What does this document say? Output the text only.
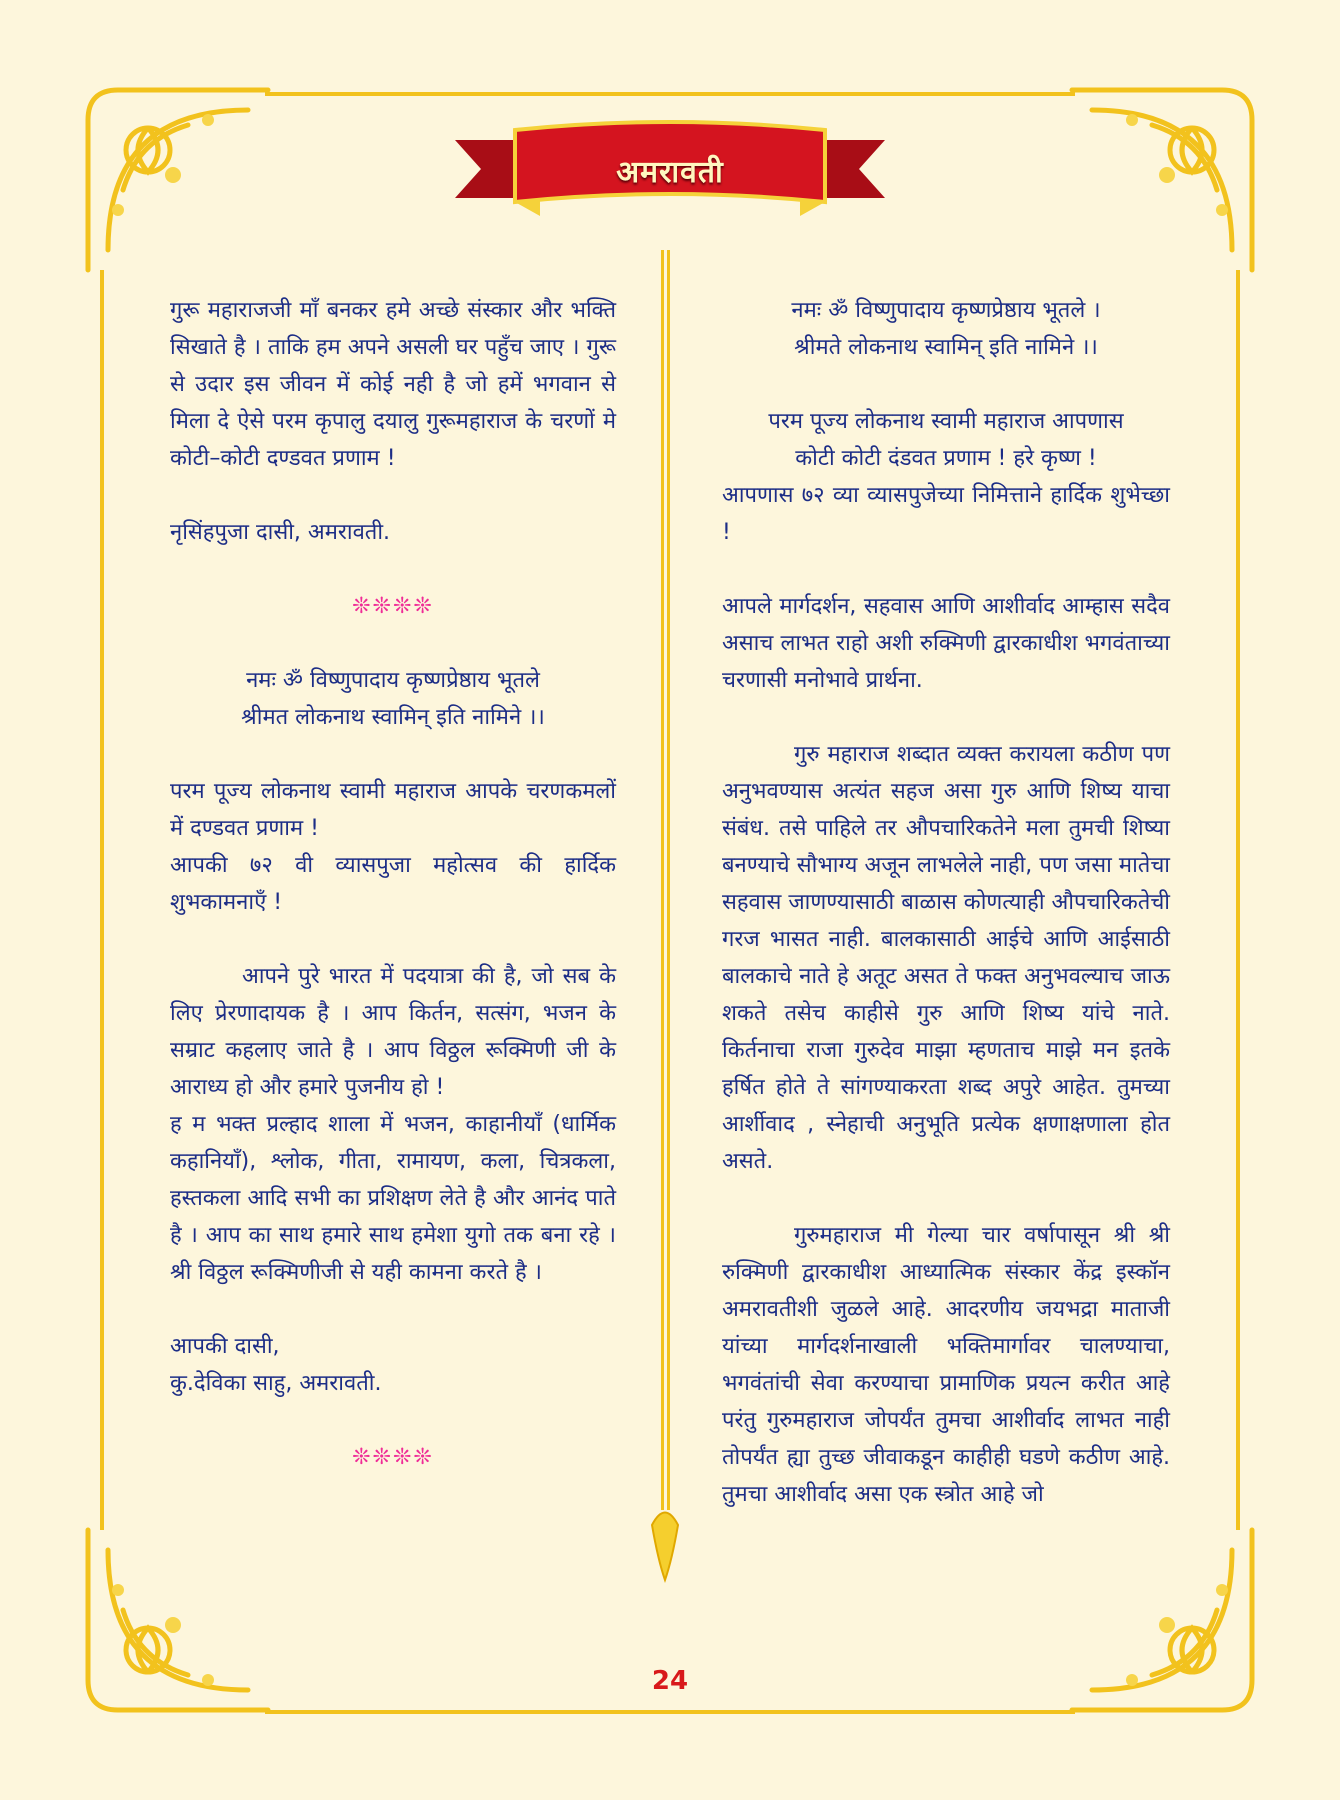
अमरावती

गुरू महाराजजी माँ बनकर हमे अच्छे संस्कार और भक्ति सिखाते है । ताकि हम अपने असली घर पहुँच जाए । गुरू से उदार इस जीवन में कोई नही है जो हमें भगवान से मिला दे ऐसे परम कृपालु दयालु गुरूमहाराज के चरणों मे कोटी–कोटी दण्डवत प्रणाम !

नृसिंहपुजा दासी, अमरावती.

❊❊❊❊

नमः ॐ विष्णुपादाय कृष्णप्रेष्ठाय भूतले

श्रीमत लोकनाथ स्वामिन् इति नामिने ।।

परम पूज्य लोकनाथ स्वामी महाराज आपके चरणकमलों में दण्डवत प्रणाम !

आपकी ७२ वी व्यासपुजा महोत्सव की हार्दिक शुभकामनाएँ !

आपने पुरे भारत में पदयात्रा की है, जो सब के लिए प्रेरणादायक है । आप किर्तन, सत्संग, भजन के सम्राट कहलाए जाते है । आप विठ्ठल रूक्मिणी जी के आराध्य हो और हमारे पुजनीय हो !

ह म भक्त प्रल्हाद शाला में भजन, काहानीयाँ (धार्मिक कहानियाँ), श्लोक, गीता, रामायण, कला, चित्रकला, हस्तकला आदि सभी का प्रशिक्षण लेते है और आनंद पाते है । आप का साथ हमारे साथ हमेशा युगो तक बना रहे । श्री विठ्ठल रूक्मिणीजी से यही कामना करते है ।

आपकी दासी,

कु.देविका साहु, अमरावती.

❊❊❊❊

नमः ॐ विष्णुपादाय कृष्णप्रेष्ठाय भूतले ।

श्रीमते लोकनाथ स्वामिन् इति नामिने ।।

परम पूज्य लोकनाथ स्वामी महाराज आपणास

कोटी कोटी दंडवत प्रणाम ! हरे कृष्ण !

आपणास ७२ व्या व्यासपुजेच्या निमित्ताने हार्दिक शुभेच्छा !

आपले मार्गदर्शन, सहवास आणि आशीर्वाद आम्हास सदैव असाच लाभत राहो अशी रुक्मिणी द्वारकाधीश भगवंताच्या चरणासी मनोभावे प्रार्थना.

गुरु महाराज शब्दात व्यक्त करायला कठीण पण अनुभवण्यास अत्यंत सहज असा गुरु आणि शिष्य याचा संबंध. तसे पाहिले तर औपचारिकतेने मला तुमची शिष्या बनण्याचे सौभाग्य अजून लाभलेले नाही, पण जसा मातेचा सहवास जाणण्यासाठी बाळास कोणत्याही औपचारिकतेची गरज भासत नाही. बालकासाठी आईचे आणि आईसाठी बालकाचे नाते हे अतूट असत ते फक्त अनुभवल्याच जाऊ शकते तसेच काहीसे गुरु आणि शिष्य यांचे नाते. किर्तनाचा राजा गुरुदेव माझा म्हणताच माझे मन इतके हर्षित होते ते सांगण्याकरता शब्द अपुरे आहेत. तुमच्या आर्शीवाद , स्नेहाची अनुभूति प्रत्येक क्षणाक्षणाला होत असते.

गुरुमहाराज मी गेल्या चार वर्षापासून श्री श्री रुक्मिणी द्वारकाधीश आध्यात्मिक संस्कार केंद्र इस्कॉन अमरावतीशी जुळले आहे. आदरणीय जयभद्रा माताजी यांच्या मार्गदर्शनाखाली भक्तिमार्गावर चालण्याचा, भगवंतांची सेवा करण्याचा प्रामाणिक प्रयत्न करीत आहे परंतु गुरुमहाराज जोपर्यंत तुमचा आशीर्वाद लाभत नाही तोपर्यंत ह्या तुच्छ जीवाकडून काहीही घडणे कठीण आहे. तुमचा आशीर्वाद असा एक स्त्रोत आहे जो

24
